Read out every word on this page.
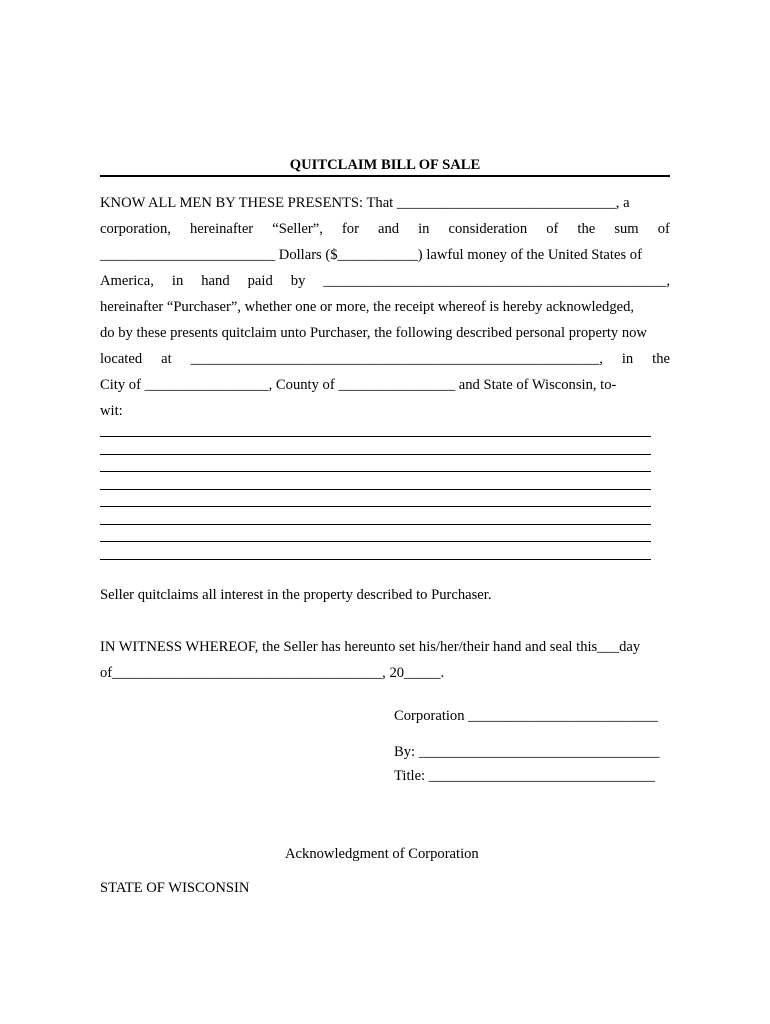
QUITCLAIM BILL OF SALE
KNOW ALL MEN BY THESE PRESENTS: That ______________________________, a
corporation, hereinafter “Seller”, for and in consideration of the sum of
________________________ Dollars ($___________) lawful money of the United States of
America, in hand paid by _______________________________________________,
hereinafter “Purchaser”, whether one or more, the receipt whereof is hereby acknowledged,
do by these presents quitclaim unto Purchaser, the following described personal property now
located at ________________________________________________________, in the
City of _________________, County of ________________ and State of Wisconsin, to-
wit:
Seller quitclaims all interest in the property described to Purchaser.
IN WITNESS WHEREOF, the Seller has hereunto set his/her/their hand and seal this___day
of_____________________________________, 20_____.
Corporation __________________________
By: _________________________________
Title: _______________________________
Acknowledgment of Corporation
STATE OF WISCONSIN
